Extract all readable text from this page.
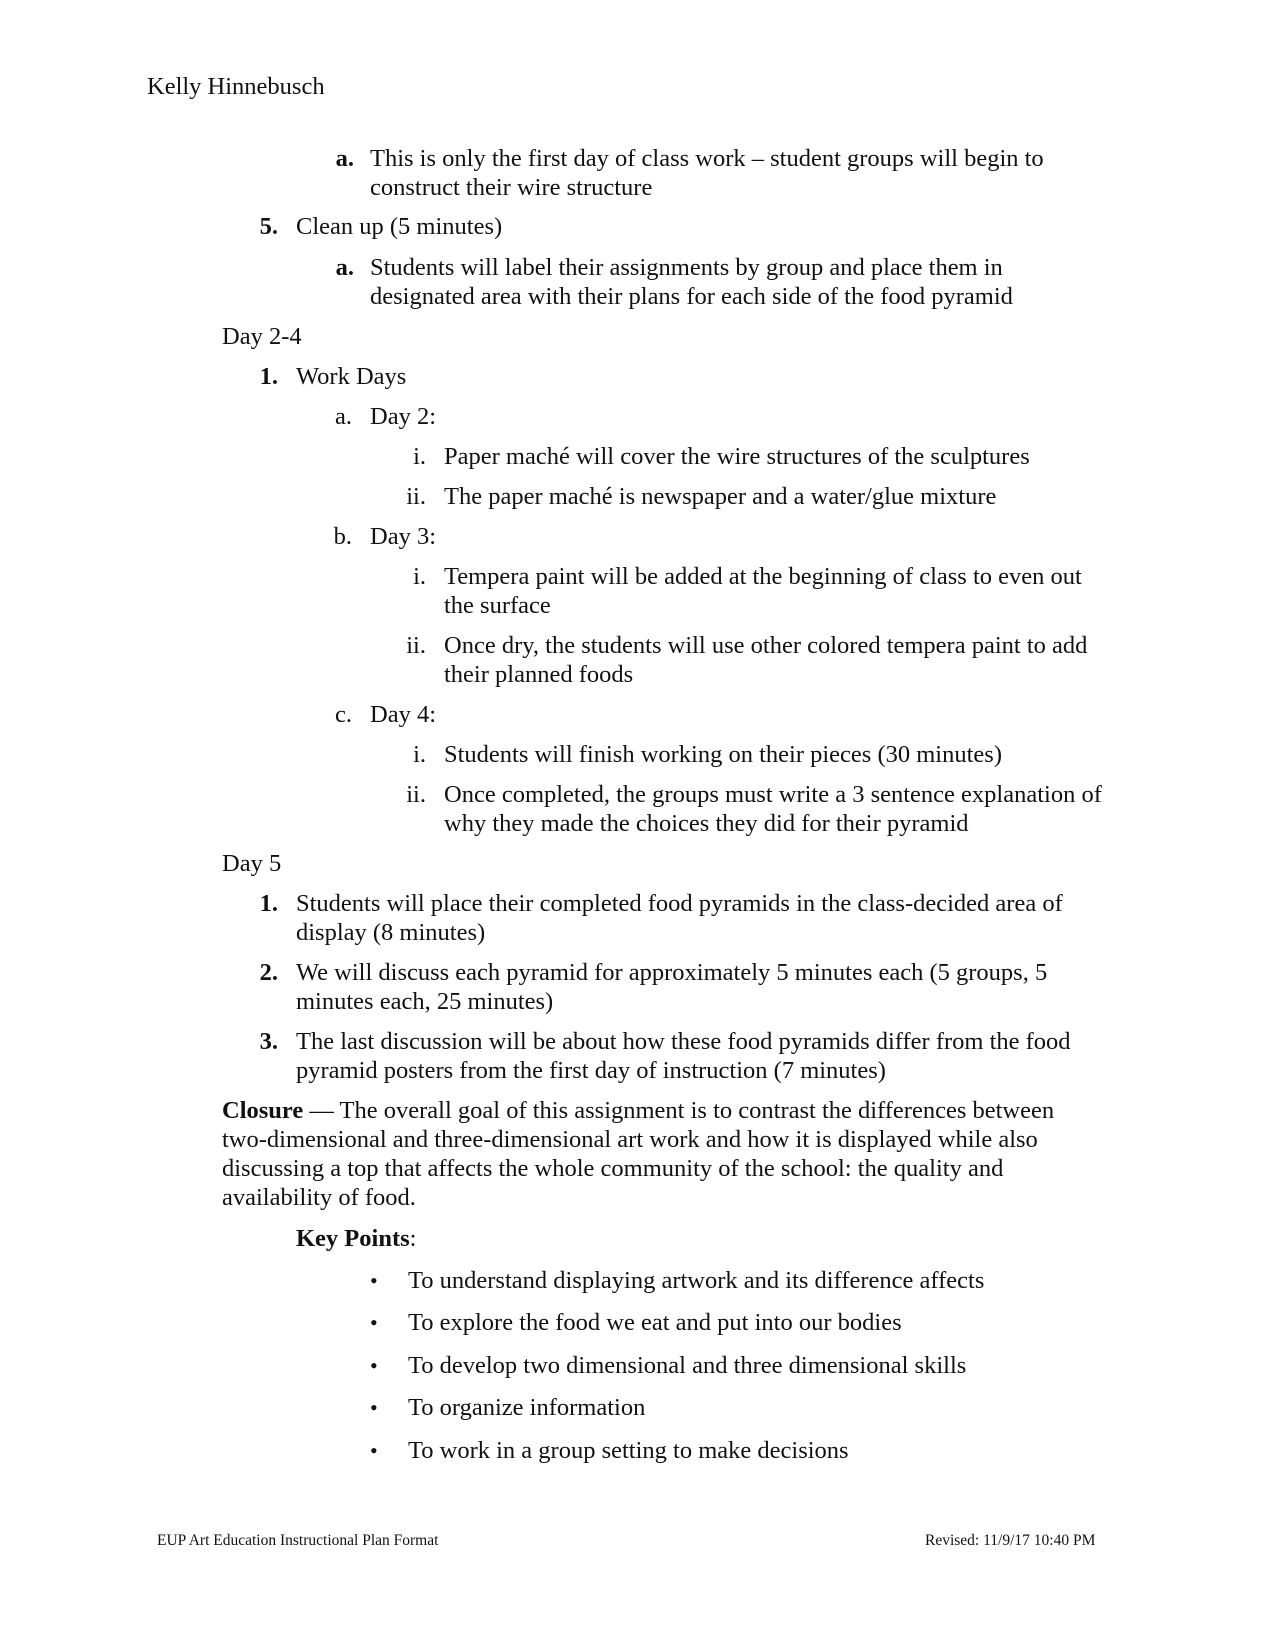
Kelly Hinnebusch
a. This is only the first day of class work – student groups will begin to
construct their wire structure
5. Clean up (5 minutes)
a. Students will label their assignments by group and place them in
designated area with their plans for each side of the food pyramid
Day 2-4
1. Work Days
a. Day 2:
i. Paper maché will cover the wire structures of the sculptures
ii. The paper maché is newspaper and a water/glue mixture
b. Day 3:
i. Tempera paint will be added at the beginning of class to even out
the surface
ii. Once dry, the students will use other colored tempera paint to add
their planned foods
c. Day 4:
i. Students will finish working on their pieces (30 minutes)
ii. Once completed, the groups must write a 3 sentence explanation of
why they made the choices they did for their pyramid
Day 5
1. Students will place their completed food pyramids in the class-decided area of
display (8 minutes)
2. We will discuss each pyramid for approximately 5 minutes each (5 groups, 5
minutes each, 25 minutes)
3. The last discussion will be about how these food pyramids differ from the food
pyramid posters from the first day of instruction (7 minutes)
Closure — The overall goal of this assignment is to contrast the differences between
two-dimensional and three-dimensional art work and how it is displayed while also
discussing a top that affects the whole community of the school: the quality and
availability of food.
Key Points:
• To understand displaying artwork and its difference affects
• To explore the food we eat and put into our bodies
• To develop two dimensional and three dimensional skills
• To organize information
• To work in a group setting to make decisions
EUP Art Education Instructional Plan Format	Revised: 11/9/17 10:40 PM
